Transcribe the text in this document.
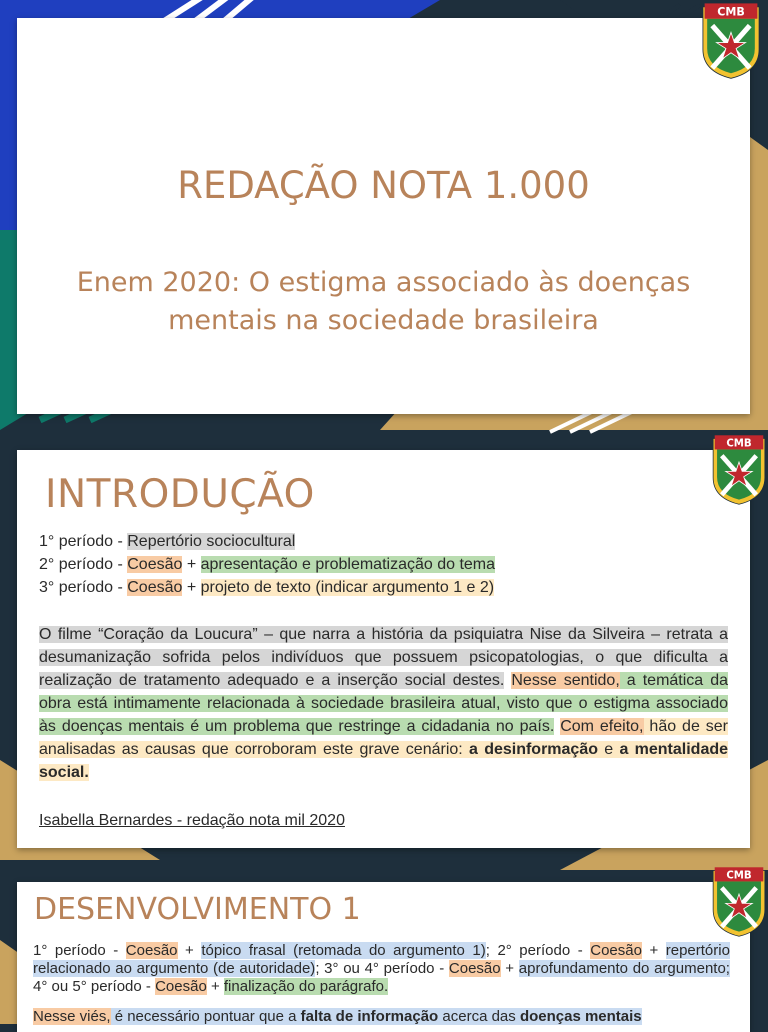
REDAÇÃO NOTA 1.000

Enem 2020: O estigma associado às doenças mentais na sociedade brasileira

INTRODUÇÃO
1° período - Repertório sociocultural
2° período - Coesão + apresentação e problematização do tema
3° período - Coesão + projeto de texto (indicar argumento 1 e 2)

O filme “Coração da Loucura” – que narra a história da psiquiatra Nise da Silveira – retrata a desumanização sofrida pelos indivíduos que possuem psicopatologias, o que dificulta a realização de tratamento adequado e a inserção social destes. Nesse sentido, a temática da obra está intimamente relacionada à sociedade brasileira atual, visto que o estigma associado às doenças mentais é um problema que restringe a cidadania no país. Com efeito, hão de ser analisadas as causas que corroboram este grave cenário: a desinformação e a mentalidade social.

Isabella Bernardes - redação nota mil 2020
DESENVOLVIMENTO 1

1° período - Coesão + tópico frasal (retomada do argumento 1); 2° período - Coesão + repertório relacionado ao argumento (de autoridade); 3° ou 4° período - Coesão + aprofundamento do argumento; 4° ou 5° período - Coesão + finalização do parágrafo.

Nesse viés, é necessário pontuar que a falta de informação acerca das doenças mentais

CMB
CMB
CMB
